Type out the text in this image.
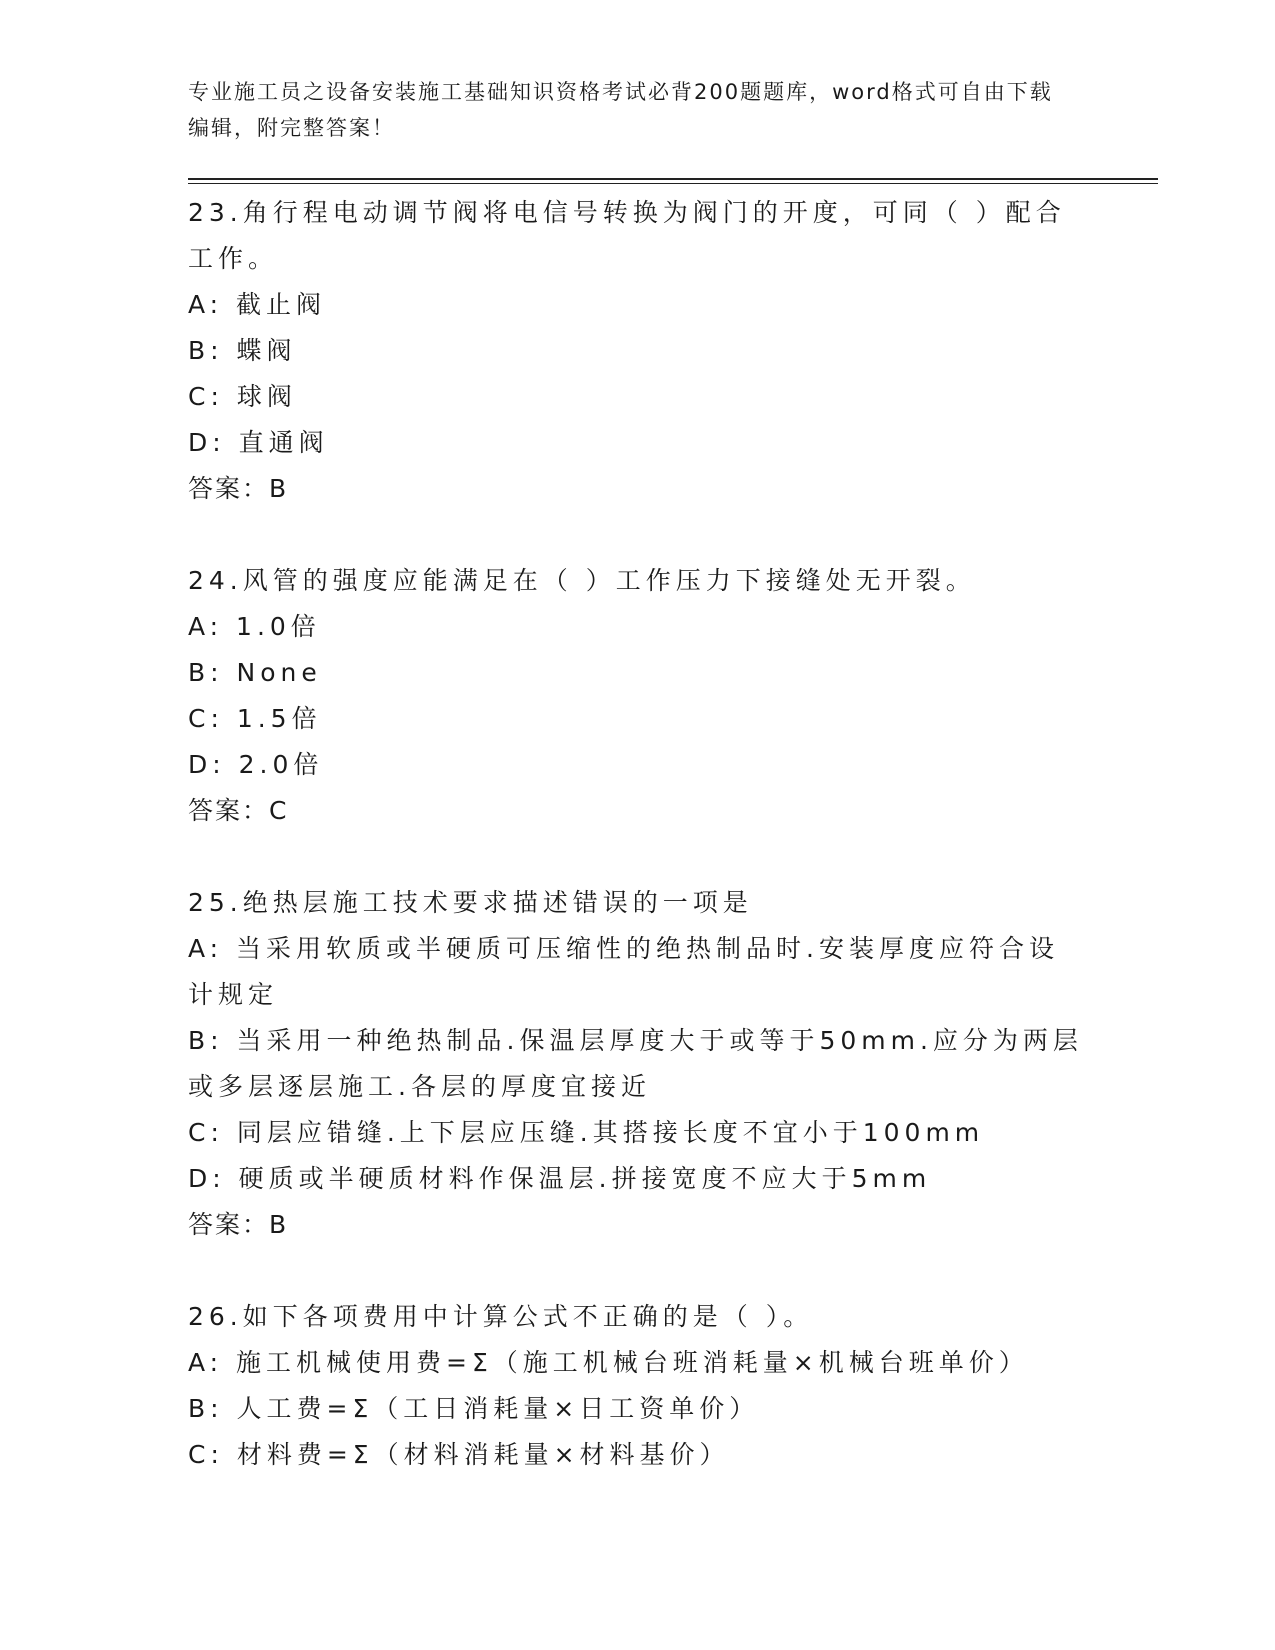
专业施工员之设备安装施工基础知识资格考试必背200题题库，word格式可自由下载编辑，附完整答案！
23.角行程电动调节阀将电信号转换为阀门的开度，可同（ ）配合工作。
A: 截止阀
B: 蝶阀
C: 球阀
D: 直通阀
答案：B
24.风管的强度应能满足在（ ）工作压力下接缝处无开裂。
A: 1.0倍
B: None
C: 1.5倍
D: 2.0倍
答案：C
25.绝热层施工技术要求描述错误的一项是
A: 当采用软质或半硬质可压缩性的绝热制品时.安装厚度应符合设计规定
B: 当采用一种绝热制品.保温层厚度大于或等于50mm.应分为两层或多层逐层施工.各层的厚度宜接近
C: 同层应错缝.上下层应压缝.其搭接长度不宜小于100mm
D: 硬质或半硬质材料作保温层.拼接宽度不应大于5mm
答案：B
26.如下各项费用中计算公式不正确的是（ ）。
A: 施工机械使用费=Σ（施工机械台班消耗量×机械台班单价）
B: 人工费=Σ（工日消耗量×日工资单价）
C: 材料费=Σ（材料消耗量×材料基价）
